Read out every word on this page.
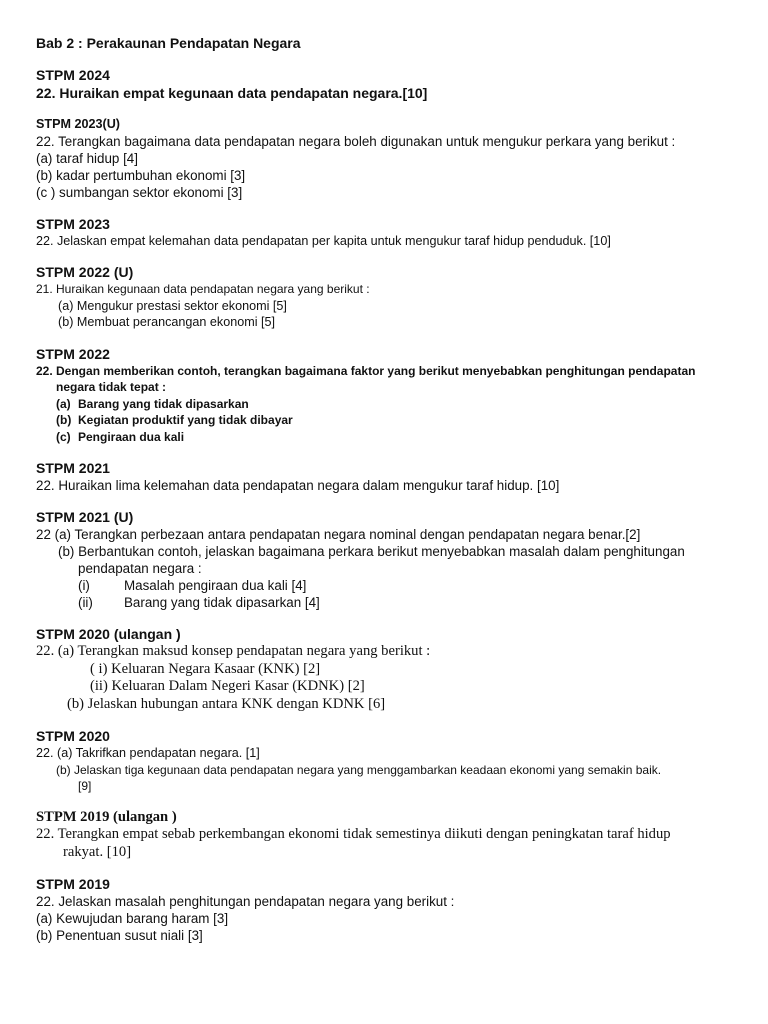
Bab 2 : Perakaunan Pendapatan Negara
STPM 2024
22. Huraikan empat kegunaan data pendapatan negara.[10]
STPM 2023(U)
22. Terangkan bagaimana data pendapatan negara boleh digunakan untuk mengukur perkara yang berikut :
(a) taraf hidup [4]
(b) kadar pertumbuhan ekonomi [3]
(c ) sumbangan sektor ekonomi [3]
STPM 2023
22. Jelaskan empat kelemahan data pendapatan per kapita untuk mengukur taraf hidup penduduk. [10]
STPM 2022 (U)
21. Huraikan kegunaan data pendapatan negara yang berikut :
(a) Mengukur prestasi sektor ekonomi [5]
(b) Membuat perancangan ekonomi [5]
STPM 2022
22. Dengan memberikan contoh, terangkan bagaimana faktor yang berikut menyebabkan penghitungan pendapatan
negara tidak tepat :
(a) Barang yang tidak dipasarkan
(b) Kegiatan produktif yang tidak dibayar
(c) Pengiraan dua kali
STPM 2021
22. Huraikan lima kelemahan data pendapatan negara dalam mengukur taraf hidup. [10]
STPM 2021 (U)
22 (a) Terangkan perbezaan antara pendapatan negara nominal dengan pendapatan negara benar.[2]
(b) Berbantukan contoh, jelaskan bagaimana perkara berikut menyebabkan masalah dalam penghitungan
pendapatan negara :
(i)	Masalah pengiraan dua kali [4]
(ii) Barang yang tidak dipasarkan [4]
STPM 2020 (ulangan )
22. (a) Terangkan maksud konsep pendapatan negara yang berikut :
( i) Keluaran Negara Kasaar (KNK) [2]
(ii) Keluaran Dalam Negeri Kasar (KDNK) [2]
(b) Jelaskan hubungan antara KNK dengan KDNK [6]
STPM 2020
22. (a) Takrifkan pendapatan negara. [1]
(b) Jelaskan tiga kegunaan data pendapatan negara yang menggambarkan keadaan ekonomi yang semakin baik.
[9]
STPM 2019 (ulangan )
22. Terangkan empat sebab perkembangan ekonomi tidak semestinya diikuti dengan peningkatan taraf hidup
rakyat. [10]
STPM 2019
22. Jelaskan masalah penghitungan pendapatan negara yang berikut :
(a) Kewujudan barang haram [3]
(b) Penentuan susut niali [3]
